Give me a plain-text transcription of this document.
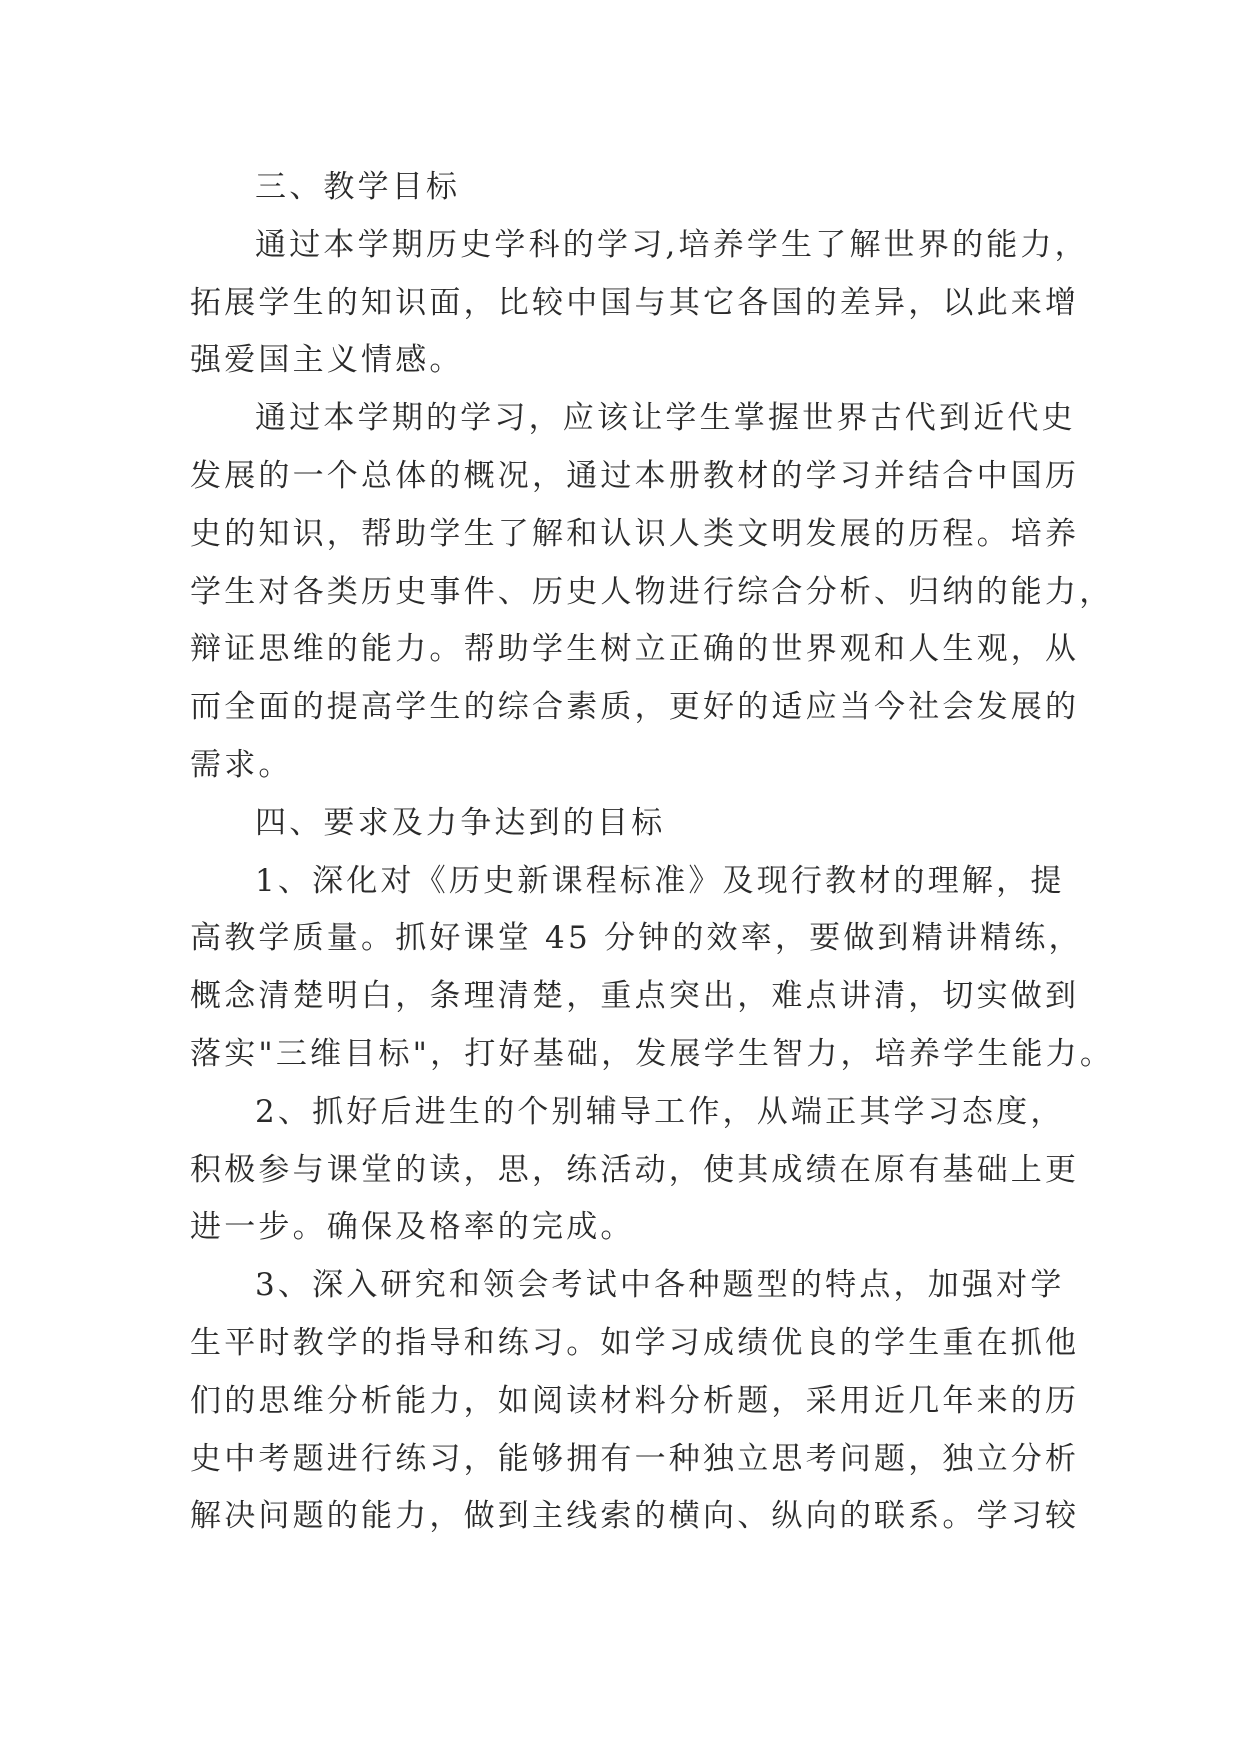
三、教学目标
通过本学期历史学科的学习,培养学生了解世界的能力，
拓展学生的知识面，比较中国与其它各国的差异，以此来增
强爱国主义情感。
通过本学期的学习，应该让学生掌握世界古代到近代史
发展的一个总体的概况，通过本册教材的学习并结合中国历
史的知识，帮助学生了解和认识人类文明发展的历程。培养
学生对各类历史事件、历史人物进行综合分析、归纳的能力，
辩证思维的能力。帮助学生树立正确的世界观和人生观，从
而全面的提高学生的综合素质，更好的适应当今社会发展的
需求。
四、要求及力争达到的目标
1、深化对《历史新课程标准》及现行教材的理解，提
高教学质量。抓好课堂 45 分钟的效率，要做到精讲精练，
概念清楚明白，条理清楚，重点突出，难点讲清，切实做到
落实"三维目标"，打好基础，发展学生智力，培养学生能力。
2、抓好后进生的个别辅导工作，从端正其学习态度，
积极参与课堂的读，思，练活动，使其成绩在原有基础上更
进一步。确保及格率的完成。
3、深入研究和领会考试中各种题型的特点，加强对学
生平时教学的指导和练习。如学习成绩优良的学生重在抓他
们的思维分析能力，如阅读材料分析题，采用近几年来的历
史中考题进行练习，能够拥有一种独立思考问题，独立分析
解决问题的能力，做到主线索的横向、纵向的联系。学习较
